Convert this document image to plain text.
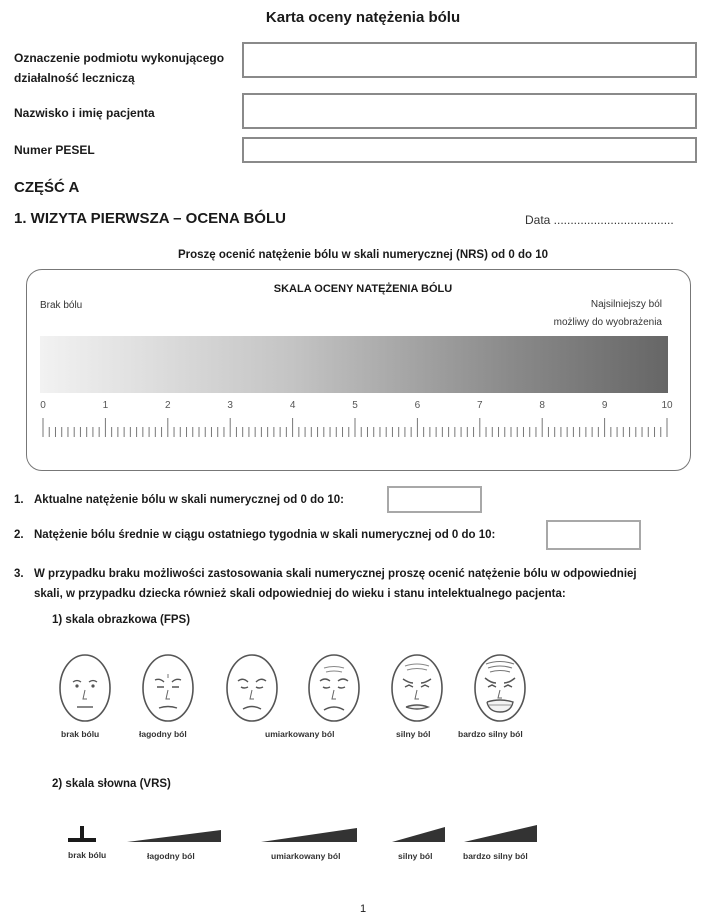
Karta oceny natężenia bólu
Oznaczenie podmiotu wykonującego
działalność leczniczą
Nazwisko i imię pacjenta
Numer PESEL
CZĘŚĆ A
1. WIZYTA PIERWSZA – OCENA BÓLU	Data ....................................
Proszę ocenić natężenie bólu w skali numerycznej (NRS) od 0 do 10
SKALA OCENY NATĘŻENIA BÓLU
Brak bólu	Najsilniejszy ból
możliwy do wyobrażenia
0	1	2	3	4	5	6	7	8	9	10
1. Aktualne natężenie bólu w skali numerycznej od 0 do 10:
2. Natężenie bólu średnie w ciągu ostatniego tygodnia w skali numerycznej od 0 do 10:
3. W przypadku braku możliwości zastosowania skali numerycznej proszę ocenić natężenie bólu w odpowiedniej
skali, w przypadku dziecka również skali odpowiedniej do wieku i stanu intelektualnego pacjenta:
1) skala obrazkowa (FPS)
brak bólu	łagodny ból	umiarkowany ból	silny ból	bardzo silny ból
2) skala słowna (VRS)
brak bólu	łagodny ból	umiarkowany ból	silny ból	bardzo silny ból
1
